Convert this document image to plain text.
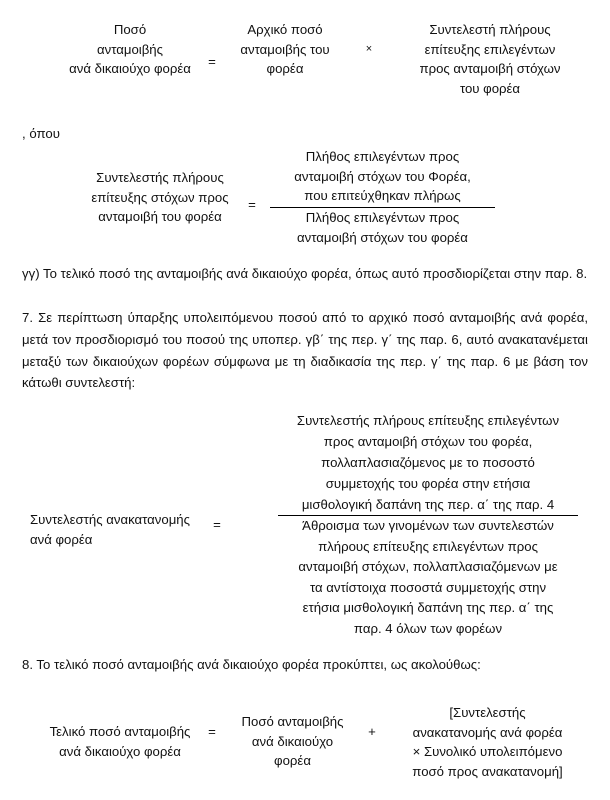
Ποσό
ανταμοιβής
ανά δικαιούχο φορέα	=
Αρχικό ποσό
ανταμοιβής του
φορέα
×
Συντελεστή πλήρους
επίτευξης επιλεγέντων
προς ανταμοιβή στόχων
του φορέα
, όπου
Συντελεστής πλήρους
επίτευξης στόχων προς
ανταμοιβή του φορέα
=
Πλήθος επιλεγέντων προς
ανταμοιβή στόχων του Φορέα,
που επιτεύχθηκαν πλήρως
Πλήθος επιλεγέντων προς
ανταμοιβή στόχων του φορέα
γγ) Το τελικό ποσό της ανταμοιβής ανά δικαιούχο φορέα, όπως αυτό προσδιορίζεται στην παρ. 8.
7. Σε περίπτωση ύπαρξης υπολειπόμενου ποσού από το αρχικό ποσό ανταμοιβής ανά φορέα, μετά τον προσδιορισμό του ποσού της υποπερ. γβ΄ της περ. γ΄ της παρ. 6, αυτό ανακατανέμεται μεταξύ των δικαιούχων φορέων σύμφωνα με τη διαδικασία της περ. γ΄ της παρ. 6 με βάση τον κάτωθι συντελεστή:
Συντελεστής ανακατανομής
ανά φορέα
=
Συντελεστής πλήρους επίτευξης επιλεγέντων
προς ανταμοιβή στόχων του φορέα,
πολλαπλασιαζόμενος με το ποσοστό
συμμετοχής του φορέα στην ετήσια
μισθολογική δαπάνη της περ. α΄ της παρ. 4
Άθροισμα των γινομένων των συντελεστών
πλήρους επίτευξης επιλεγέντων προς
ανταμοιβή στόχων, πολλαπλασιαζόμενων με
τα αντίστοιχα ποσοστά συμμετοχής στην
ετήσια μισθολογική δαπάνη της περ. α΄ της
παρ. 4 όλων των φορέων
8. Το τελικό ποσό ανταμοιβής ανά δικαιούχο φορέα προκύπτει, ως ακολούθως:
Τελικό ποσό ανταμοιβής
ανά δικαιούχο φορέα
=
Ποσό ανταμοιβής
ανά δικαιούχο
φορέα
+
[Συντελεστής
ανακατανομής ανά φορέα
× Συνολικό υπολειπόμενο
ποσό προς ανακατανομή]
